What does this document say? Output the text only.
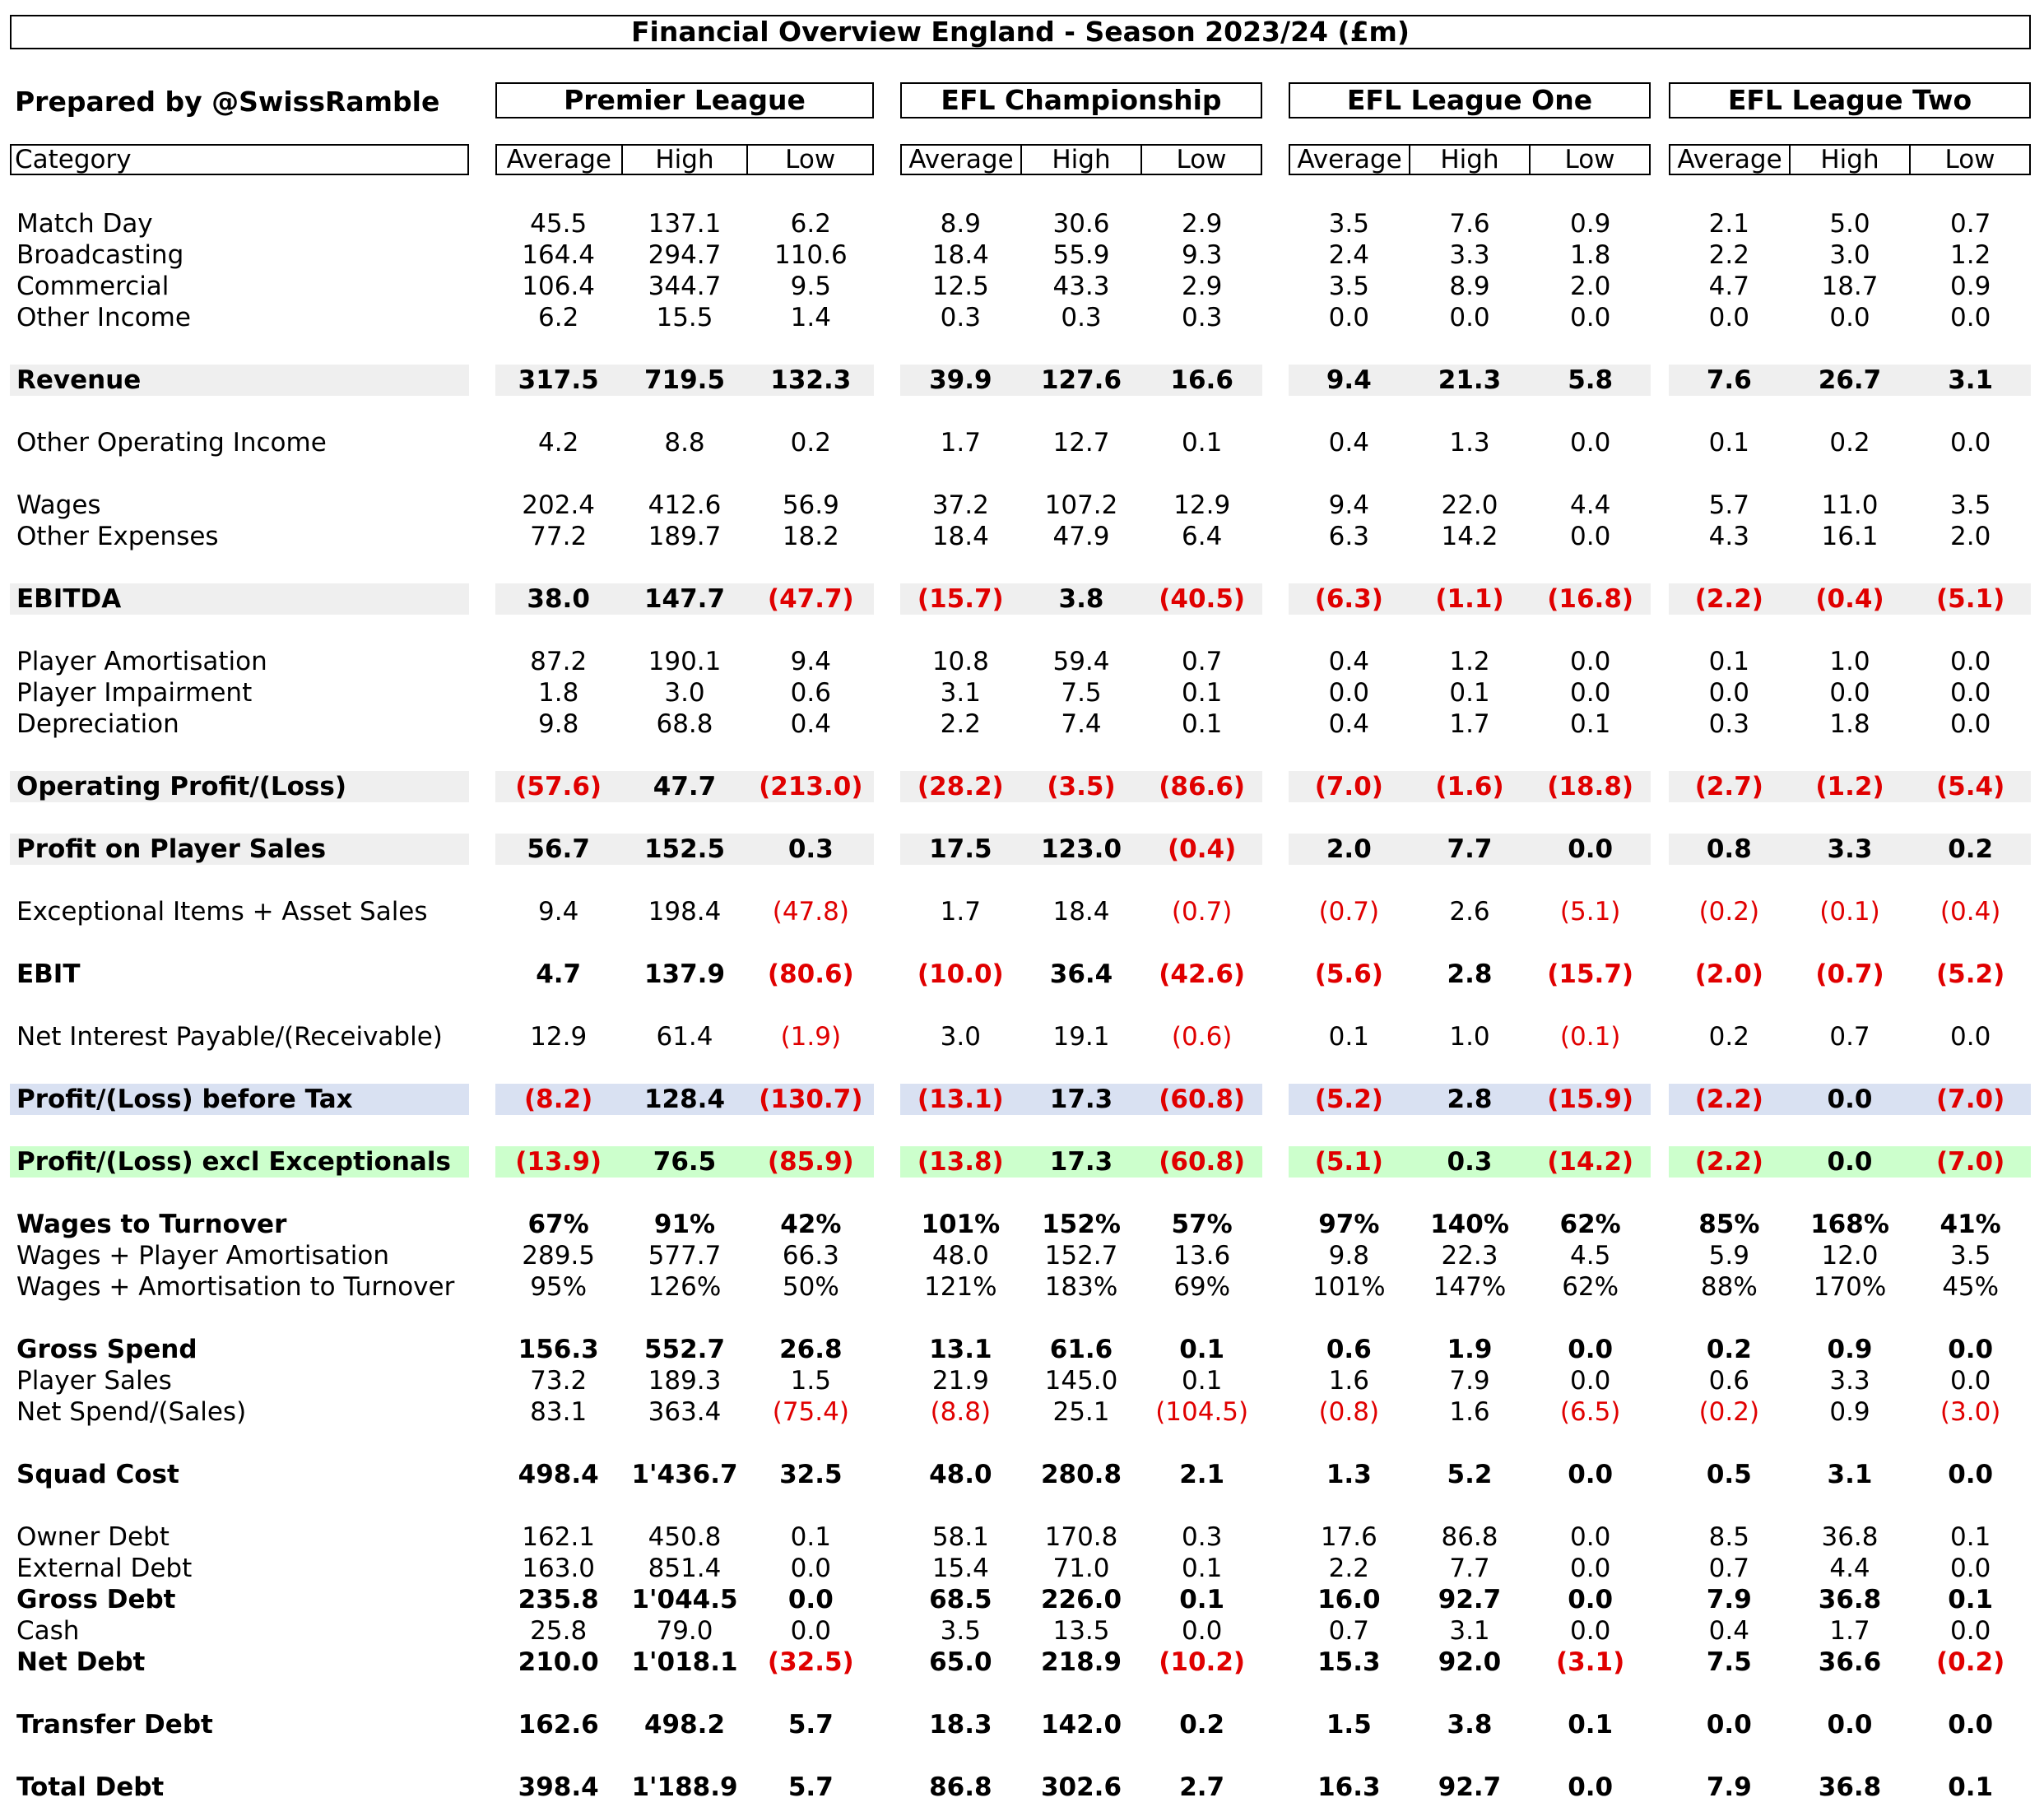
Financial Overview England - Season 2023/24 (£m)
Prepared by @SwissRamble
Category
Premier League
Average	High	Low
EFL Championship
Average	High	Low
EFL League One
Average	High	Low
EFL League Two
Average	High	Low
Match Day	45.5	137.1	6.2	8.9	30.6	2.9	3.5	7.6	0.9	2.1	5.0	0.7
Broadcasting	164.4	294.7	110.6	18.4	55.9	9.3	2.4	3.3	1.8	2.2	3.0	1.2
Commercial	106.4	344.7	9.5	12.5	43.3	2.9	3.5	8.9	2.0	4.7	18.7	0.9
Other Income	6.2	15.5	1.4	0.3	0.3	0.3	0.0	0.0	0.0	0.0	0.0	0.0
Revenue	317.5	719.5	132.3	39.9	127.6	16.6	9.4	21.3	5.8	7.6	26.7	3.1
Other Operating Income	4.2	8.8	0.2	1.7	12.7	0.1	0.4	1.3	0.0	0.1	0.2	0.0
Wages	202.4	412.6	56.9	37.2	107.2	12.9	9.4	22.0	4.4	5.7	11.0	3.5
Other Expenses	77.2	189.7	18.2	18.4	47.9	6.4	6.3	14.2	0.0	4.3	16.1	2.0
EBITDA	38.0	147.7	(47.7)	(15.7)	3.8	(40.5)	(6.3)	(1.1)	(16.8)	(2.2)	(0.4)	(5.1)
Player Amortisation	87.2	190.1	9.4	10.8	59.4	0.7	0.4	1.2	0.0	0.1	1.0	0.0
Player Impairment	1.8	3.0	0.6	3.1	7.5	0.1	0.0	0.1	0.0	0.0	0.0	0.0
Depreciation	9.8	68.8	0.4	2.2	7.4	0.1	0.4	1.7	0.1	0.3	1.8	0.0
Operating Profit/(Loss)	(57.6)	47.7	(213.0)	(28.2)	(3.5)	(86.6)	(7.0)	(1.6)	(18.8)	(2.7)	(1.2)	(5.4)
Profit on Player Sales	56.7	152.5	0.3	17.5	123.0	(0.4)	2.0	7.7	0.0	0.8	3.3	0.2
Exceptional Items + Asset Sales	9.4	198.4	(47.8)	1.7	18.4	(0.7)	(0.7)	2.6	(5.1)	(0.2)	(0.1)	(0.4)
EBIT	4.7	137.9	(80.6)	(10.0)	36.4	(42.6)	(5.6)	2.8	(15.7)	(2.0)	(0.7)	(5.2)
Net Interest Payable/(Receivable)	12.9	61.4	(1.9)	3.0	19.1	(0.6)	0.1	1.0	(0.1)	0.2	0.7	0.0
Profit/(Loss) before Tax	(8.2)	128.4	(130.7)	(13.1)	17.3	(60.8)	(5.2)	2.8	(15.9)	(2.2)	0.0	(7.0)
Profit/(Loss) excl Exceptionals	(13.9)	76.5	(85.9)	(13.8)	17.3	(60.8)	(5.1)	0.3	(14.2)	(2.2)	0.0	(7.0)
Wages to Turnover	67%	91%	42%	101%	152%	57%	97%	140%	62%	85%	168%	41%
Wages + Player Amortisation	289.5	577.7	66.3	48.0	152.7	13.6	9.8	22.3	4.5	5.9	12.0	3.5
Wages + Amortisation to Turnover	95%	126%	50%	121%	183%	69%	101%	147%	62%	88%	170%	45%
Gross Spend	156.3	552.7	26.8	13.1	61.6	0.1	0.6	1.9	0.0	0.2	0.9	0.0
Player Sales	73.2	189.3	1.5	21.9	145.0	0.1	1.6	7.9	0.0	0.6	3.3	0.0
Net Spend/(Sales)	83.1	363.4	(75.4)	(8.8)	25.1	(104.5)	(0.8)	1.6	(6.5)	(0.2)	0.9	(3.0)
Squad Cost	498.4	1'436.7	32.5	48.0	280.8	2.1	1.3	5.2	0.0	0.5	3.1	0.0
Owner Debt	162.1	450.8	0.1	58.1	170.8	0.3	17.6	86.8	0.0	8.5	36.8	0.1
External Debt	163.0	851.4	0.0	15.4	71.0	0.1	2.2	7.7	0.0	0.7	4.4	0.0
Gross Debt	235.8	1'044.5	0.0	68.5	226.0	0.1	16.0	92.7	0.0	7.9	36.8	0.1
Cash	25.8	79.0	0.0	3.5	13.5	0.0	0.7	3.1	0.0	0.4	1.7	0.0
Net Debt	210.0	1'018.1	(32.5)	65.0	218.9	(10.2)	15.3	92.0	(3.1)	7.5	36.6	(0.2)
Transfer Debt	162.6	498.2	5.7	18.3	142.0	0.2	1.5	3.8	0.1	0.0	0.0	0.0
Total Debt	398.4	1'188.9	5.7	86.8	302.6	2.7	16.3	92.7	0.0	7.9	36.8	0.1
